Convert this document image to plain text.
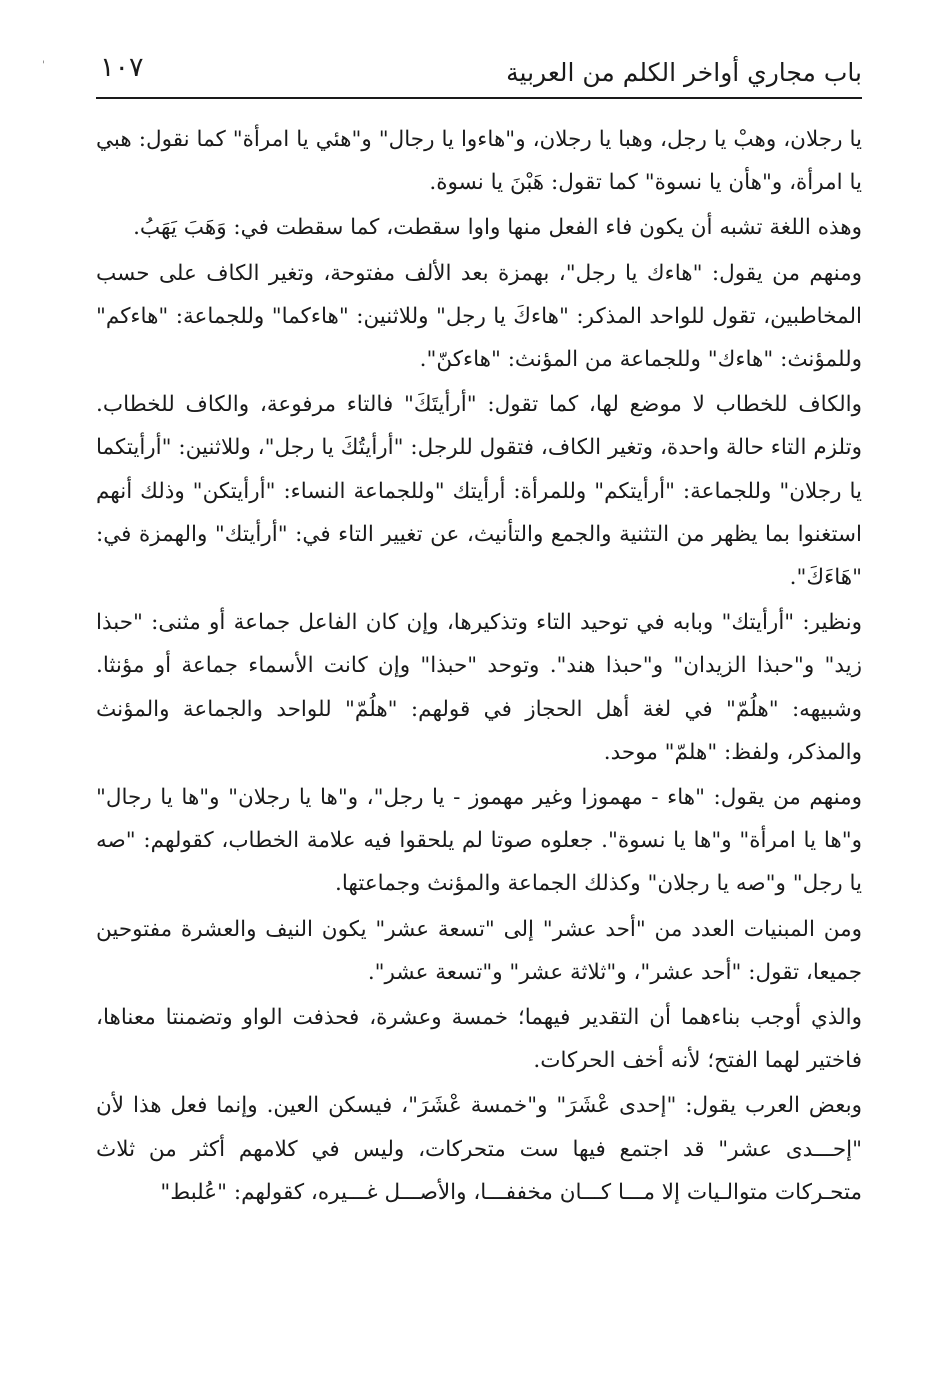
'	باب مجاري أواخر الكلم من العربية
١٠٧

يا رجلان، وهبْ يا رجل، وهبا يا رجلان، و"هاءوا يا رجال" و"هئي يا امرأة" كما نقول: هبي يا امرأة، و"هأن يا نسوة" كما تقول: هَبْنَ يا نسوة.

وهذه اللغة تشبه أن يكون فاء الفعل منها واوا سقطت، كما سقطت في: وَهَبَ يَهَبُ.

ومنهم من يقول: "هاءك يا رجل"، بهمزة بعد الألف مفتوحة، وتغير الكاف على حسب المخاطبين، تقول للواحد المذكر: "هاءكَ يا رجل" وللاثنين: "هاءكما" وللجماعة: "هاءكم" وللمؤنث: "هاءك" وللجماعة من المؤنث: "هاءكنّ".

والكاف للخطاب لا موضع لها، كما تقول: "أرأيتَكَ" فالتاء مرفوعة، والكاف للخطاب. وتلزم التاء حالة واحدة، وتغير الكاف، فتقول للرجل: "أرأيتُكَ يا رجل"، وللاثنين: "أرأيتكما يا رجلان" وللجماعة: "أرأيتكم" وللمرأة: أرأيتك "وللجماعة النساء: "أرأيتكن" وذلك أنهم استغنوا بما يظهر من التثنية والجمع والتأنيث، عن تغيير التاء في: "أرأيتك" والهمزة في: "هَاءَكَ".

ونظير: "أرأيتك" وبابه في توحيد التاء وتذكيرها، وإن كان الفاعل جماعة أو مثنى: "حبذا زيد" و"حبذا الزيدان" و"حبذا هند". وتوحد "حبذا" وإن كانت الأسماء جماعة أو مؤنثا. وشبيهه: "هلُمّ" في لغة أهل الحجاز في قولهم: "هلُمّ" للواحد والجماعة والمؤنث والمذكر، ولفظ: "هلمّ" موحد.

ومنهم من يقول: "هاء - مهموزا وغير مهموز - يا رجل"، و"ها يا رجلان" و"ها يا رجال" و"ها يا امرأة" و"ها يا نسوة". جعلوه صوتا لم يلحقوا فيه علامة الخطاب، كقولهم: "صه يا رجل" و"صه يا رجلان" وكذلك الجماعة والمؤنث وجماعتها.

ومن المبنيات العدد من "أحد عشر" إلى "تسعة عشر" يكون النيف والعشرة مفتوحين جميعا، تقول: "أحد عشر"، و"ثلاثة عشر" و"تسعة عشر".

والذي أوجب بناءهما أن التقدير فيهما؛ خمسة وعشرة، فحذفت الواو وتضمنتا معناها، فاختير لهما الفتح؛ لأنه أخف الحركات.

وبعض العرب يقول: "إحدى عْشَرَ" و"خمسة عْشَرَ"، فيسكن العين. وإنما فعل هذا لأن "إحـــدى عشر" قد اجتمع فيها ست متحركات، وليس في كلامهم أكثر من ثلاث متحـركات متوالـيات إلا مـــا كـــان مخففـــا، والأصـــل غـــيره، كقولهم: "عُلبط"
